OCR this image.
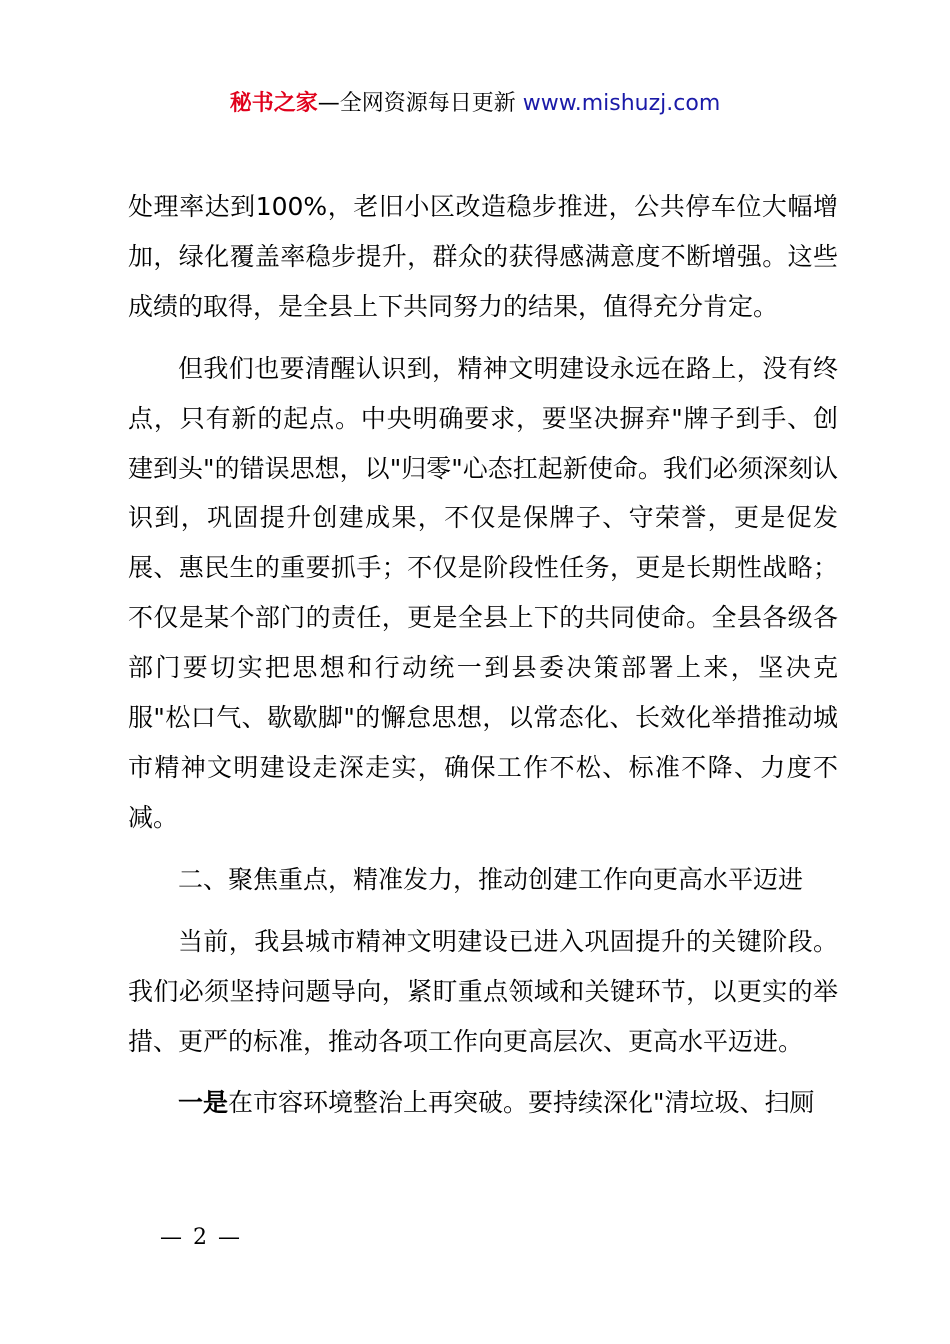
秘书之家—全网资源每日更新 www.mishuzj.com

处理率达到100%，老旧小区改造稳步推进，公共停车位大幅增加，绿化覆盖率稳步提升，群众的获得感满意度不断增强。这些成绩的取得，是全县上下共同努力的结果，值得充分肯定。

但我们也要清醒认识到，精神文明建设永远在路上，没有终点，只有新的起点。中央明确要求，要坚决摒弃"牌子到手、创建到头"的错误思想，以"归零"心态扛起新使命。我们必须深刻认识到，巩固提升创建成果，不仅是保牌子、守荣誉，更是促发展、惠民生的重要抓手；不仅是阶段性任务，更是长期性战略；不仅是某个部门的责任，更是全县上下的共同使命。全县各级各部门要切实把思想和行动统一到县委决策部署上来，坚决克服"松口气、歇歇脚"的懈怠思想，以常态化、长效化举措推动城市精神文明建设走深走实，确保工作不松、标准不降、力度不减。

二、聚焦重点，精准发力，推动创建工作向更高水平迈进

当前，我县城市精神文明建设已进入巩固提升的关键阶段。我们必须坚持问题导向，紧盯重点领域和关键环节，以更实的举措、更严的标准，推动各项工作向更高层次、更高水平迈进。

一是在市容环境整治上再突破。要持续深化"清垃圾、扫厕

— 2 —
